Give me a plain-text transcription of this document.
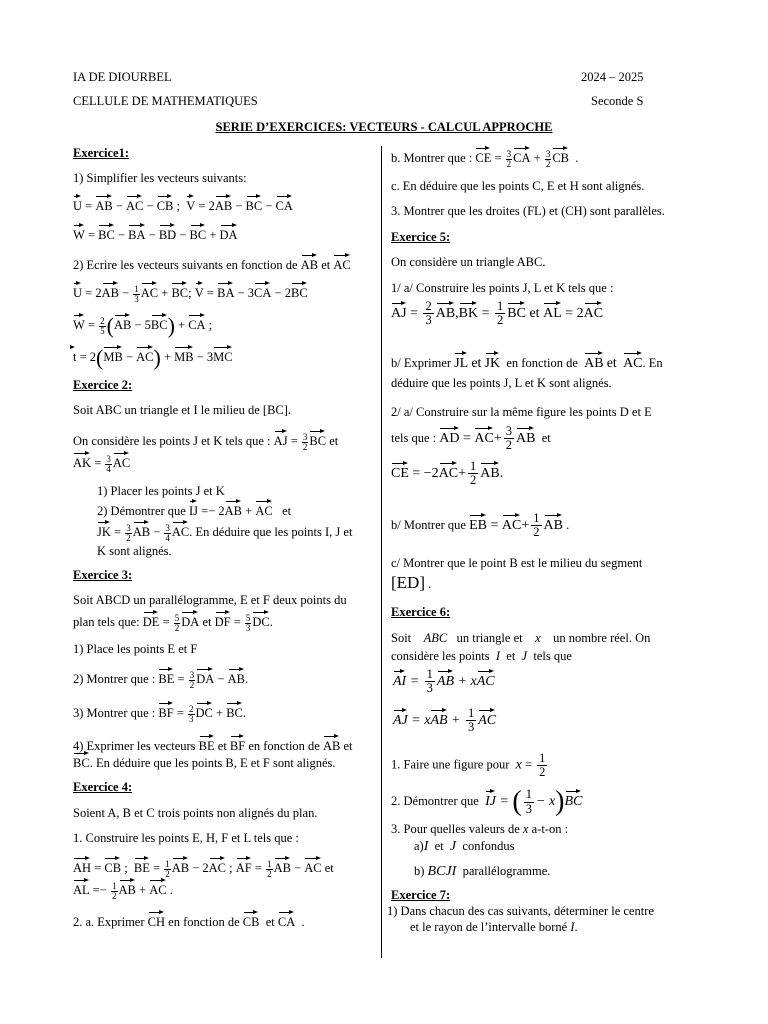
IA DE DIOURBEL
CELLULE DE MATHEMATIQUES
2024 – 2025
Seconde S
SERIE D’EXERCICES: VECTEURS - CALCUL APPROCHE
Exercice1:
1) Simplifier les vecteurs suivants:
U = AB − AC − CB ;  V = 2AB − BC − CA
W = BC − BA − BD − BC + DA
2) Ecrire les vecteurs suivants en fonction de AB et AC
$U = 2AB - \frac{1}{3}$ AC + BC; V = BA − 3CA − 2BC
$W = \frac{2}{5} (AB - 5BC)$ + CA ;
t = 2(MB − AC) + MB − 3MC
Exercice 2:
Soit ABC un triangle et I le milieu de [BC].
On considère les points J et K tels que : AJ = $\frac{3}{2}$ BC et
AK = $\frac{3}{4}$ AC
1) Placer les points J et K
2) Démontrer que IJ =− 2AB + AC et
JK = $\frac{3}{2}$ AB − $\frac{3}{4}$ AC. En déduire que les points I, J et
K sont alignés.
Exercice 3:
Soit ABCD un parallélogramme, E et F deux points du
plan tels que: DE = $\frac{5}{2}$ DA et DF = $\frac{5}{3}$ DC.
1) Place les points E et F
2) Montrer que : BE = $\frac{3}{2}$ DA − AB.
3) Montrer que : BF = $\frac{2}{3}$ DC + BC.
4) Exprimer les vecteurs BE et BF en fonction de AB et
BC. En déduire que les points B, E et F sont alignés.
Exercice 4:
Soient A, B et C trois points non alignés du plan.
1. Construire les points E, H, F et L tels que :
AH = CB ;  BE = $\frac{1}{2}$ AB − 2AC ; AF = $\frac{1}{2}$ AB − AC et
AL =− $\frac{1}{2}$ AB + AC .
2. a. Exprimer CH en fonction de CB et CA  .
b. Montrer que : CE = $\frac{3}{2}$ CA + $\frac{3}{2}$ CB  .
c. En déduire que les points C, E et H sont alignés.
3. Montrer que les droites (FL) et (CH) sont parallèles.
Exercice 5:
On considère un triangle ABC.
1/ a/ Construire les points J, L et K tels que :
AJ = $\frac{2}{3} AB,BK = \frac{1}{2}$ BC et AL = 2AC
b/ Exprimer JL et JK en fonction de AB et AC. En
déduire que les points J, L et K sont alignés.
2/ a/ Construire sur la même figure les points D et E
tels que : AD = $AC+ \frac{3}{2}$ AB  et
CE = $-2AC+ \frac{1}{2}$ AB.
b/ Montrer que EB = $AC+ \frac{1}{2}$ AB .
c/ Montrer que le point B est le milieu du segment
[ED] .
Exercice 6:
Soit ABC un triangle et x un nombre réel. On
considère les points I et J tels que
AI = $\frac{1}{3}$ AB + xAC
AJ = xAB + $\frac{1}{3}$ AC
1. Faire une figure pour $x = \frac{1}{2}$
2. Démontrer que IJ = ( $\frac{1}{3} - x)BC$
3. Pour quelles valeurs de x a-t-on :
a)I et J confondus
b) BCJI parallélogramme.
Exercice 7:
1) Dans chacun des cas suivants, déterminer le centre
et le rayon de l’intervalle borné I.
